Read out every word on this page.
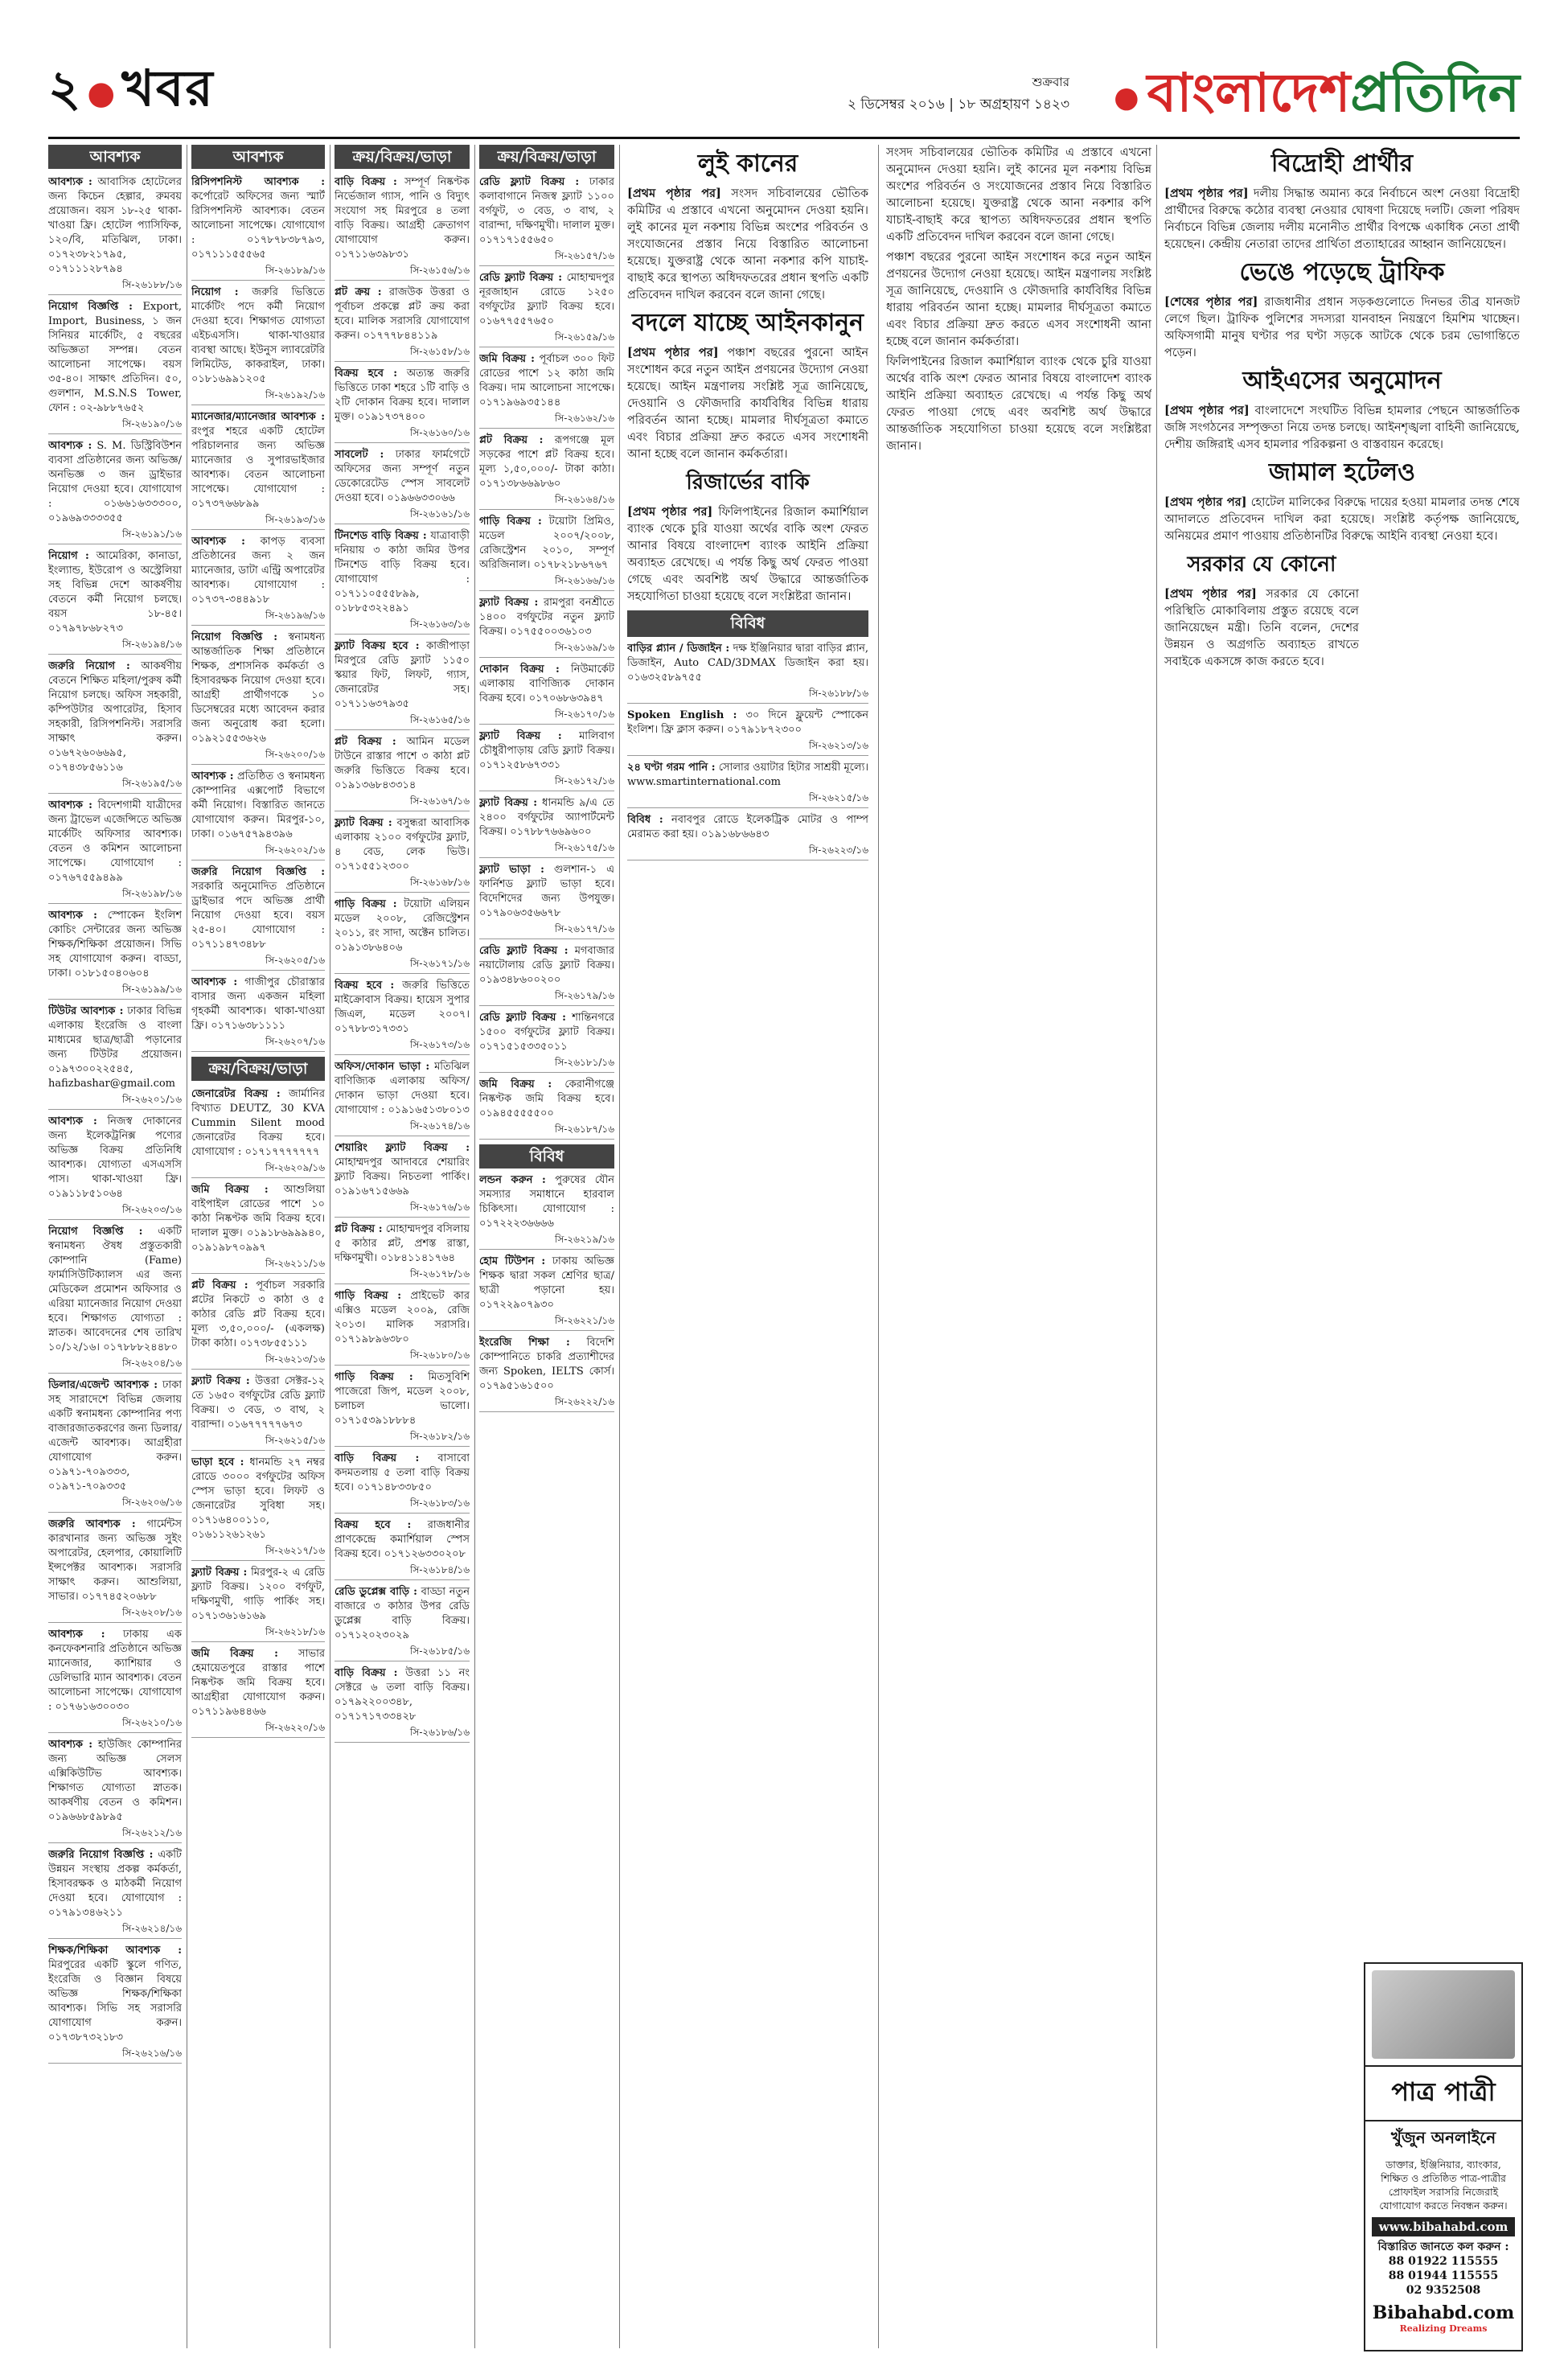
২ ●খবর	শুক্রবার
২ ডিসেম্বর ২০১৬ | ১৮ অগ্রহায়ণ ১৪২৩ ● বাংলাদেশপ্রতিদিন
আবশ্যক
আবশ্যক : আবাসিক হোটেলের জন্য কিচেন হেল্পার, রুমবয় প্রয়োজন। বয়স ১৮-২৫ থাকা-খাওয়া ফ্রি। হোটেল প্যাসিফিক, ১২০/বি, মতিঝিল, ঢাকা। ০১৭২৩৮২১৭৯৫, ০১৭১১১২৮৭৯৪
সি-২৬১৮৮/১৬
নিয়োগ বিজ্ঞপ্তি : Export, Import, Business, ১ জন সিনিয়র মার্কেটিং, ৫ বছরের অভিজ্ঞতা সম্পন্ন। বেতন আলোচনা সাপেক্ষে। বয়স ৩৫-৪০। সাক্ষাৎ প্রতিদিন। ৫০, গুলশান, M.S.N.S Tower, ফোন : ০২-৯৮৮৭৬৫২
সি-২৬১৯০/১৬
আবশ্যক : S. M. ডিস্ট্রিবিউশন ব্যবসা প্রতিষ্ঠানের জন্য অভিজ্ঞ/অনভিজ্ঞ ৩ জন ড্রাইভার নিয়োগ দেওয়া হবে। যোগাযোগ : ০১৬৬১৬৩৩৩০০, ০১৯৬৯৩৩৩৩৫৫
সি-২৬১৯১/১৬
নিয়োগ : আমেরিকা, কানাডা, ইংল্যান্ড, ইউরোপ ও অস্ট্রেলিয়া সহ বিভিন্ন দেশে আকর্ষণীয় বেতনে কর্মী নিয়োগ চলছে। বয়স ১৮-৪৫। ০১৭৯৭৮৬৮২৭৩
সি-২৬১৯৪/১৬
জরুরি নিয়োগ : আকর্ষণীয় বেতনে শিক্ষিত মহিলা/পুরুষ কর্মী নিয়োগ চলছে। অফিস সহকারী, কম্পিউটার অপারেটর, হিসাব সহকারী, রিসিপশনিস্ট। সরাসরি সাক্ষাৎ করুন। ০১৬৭২৬০৬৬৯৫, ০১৭৪৩৮৫৬১১৬
সি-২৬১৯৫/১৬
আবশ্যক : বিদেশগামী যাত্রীদের জন্য ট্রাভেল এজেন্সিতে অভিজ্ঞ মার্কেটিং অফিসার আবশ্যক। বেতন ও কমিশন আলোচনা সাপেক্ষে। যোগাযোগ : ০১৭৬৭৫৫৯৪৯৯
সি-২৬১৯৮/১৬
আবশ্যক : স্পোকেন ইংলিশ কোচিং সেন্টারের জন্য অভিজ্ঞ শিক্ষক/শিক্ষিকা প্রয়োজন। সিভি সহ যোগাযোগ করুন। বাড্ডা, ঢাকা। ০১৮১৫০৪০৬০৪
সি-২৬১৯৯/১৬
টিউটর আবশ্যক : ঢাকার বিভিন্ন এলাকায় ইংরেজি ও বাংলা মাধ্যমের ছাত্র/ছাত্রী পড়ানোর জন্য টিউটর প্রয়োজন। ০১৯৭৩০০২২৫৪৫, hafizbashar@gmail.com
সি-২৬২০১/১৬
আবশ্যক : নিজস্ব দোকানের জন্য ইলেকট্রনিক্স পণ্যের অভিজ্ঞ বিক্রয় প্রতিনিধি আবশ্যক। যোগ্যতা এসএসসি পাস। থাকা-খাওয়া ফ্রি। ০১৯১১৮৫১০৬৪
সি-২৬২০৩/১৬
নিয়োগ বিজ্ঞপ্তি : একটি স্বনামধন্য ঔষধ প্রস্তুতকারী কোম্পানি (Fame) ফার্মাসিউটিক্যালস এর জন্য মেডিকেল প্রমোশন অফিসার ও এরিয়া ম্যানেজার নিয়োগ দেওয়া হবে। শিক্ষাগত যোগ্যতা : স্নাতক। আবেদনের শেষ তারিখ ১০/১২/১৬। ০১৭৮৮৮২৪৪৮০
সি-২৬২০৪/১৬
ডিলার/এজেন্ট আবশ্যক : ঢাকা সহ সারাদেশে বিভিন্ন জেলায় একটি স্বনামধন্য কোম্পানির পণ্য বাজারজাতকরণের জন্য ডিলার/এজেন্ট আবশ্যক। আগ্রহীরা যোগাযোগ করুন। ০১৯৭১-৭০৯৩৩৩, ০১৯৭১-৭০৯৩৩৫
সি-২৬২০৬/১৬
জরুরি আবশ্যক : গার্মেন্টস কারখানার জন্য অভিজ্ঞ সুইং অপারেটর, হেলপার, কোয়ালিটি ইন্সপেক্টর আবশ্যক। সরাসরি সাক্ষাৎ করুন। আশুলিয়া, সাভার। ০১৭৭৪৫২০৬৮৮
সি-২৬২০৮/১৬
আবশ্যক : ঢাকায় এক কনফেকশনারি প্রতিষ্ঠানে অভিজ্ঞ ম্যানেজার, ক্যাশিয়ার ও ডেলিভারি ম্যান আবশ্যক। বেতন আলোচনা সাপেক্ষে। যোগাযোগ : ০১৭৬১৬৩০০৩০
সি-২৬২১০/১৬
আবশ্যক : হাউজিং কোম্পানির জন্য অভিজ্ঞ সেলস এক্সিকিউটিভ আবশ্যক। শিক্ষাগত যোগ্যতা স্নাতক। আকর্ষণীয় বেতন ও কমিশন। ০১৯৬৬৮৫৯৮৯৫
সি-২৬২১২/১৬
জরুরি নিয়োগ বিজ্ঞপ্তি : একটি উন্নয়ন সংস্থায় প্রকল্প কর্মকর্তা, হিসাবরক্ষক ও মাঠকর্মী নিয়োগ দেওয়া হবে। যোগাযোগ : ০১৭৯১৩৪৬২১১
সি-২৬২১৪/১৬
শিক্ষক/শিক্ষিকা আবশ্যক : মিরপুরের একটি স্কুলে গণিত, ইংরেজি ও বিজ্ঞান বিষয়ে অভিজ্ঞ শিক্ষক/শিক্ষিকা আবশ্যক। সিভি সহ সরাসরি যোগাযোগ করুন। ০১৭৩৮৭৩২১৮৩
সি-২৬২১৬/১৬
আবশ্যক
রিসিপশনিস্ট আবশ্যক : কর্পোরেট অফিসের জন্য স্মার্ট রিসিপশনিস্ট আবশ্যক। বেতন আলোচনা সাপেক্ষে। যোগাযোগ : ০১৭৮৭৮৩৮৭৯৩, ০১৭১১১৫৫৫৬৫
সি-২৬১৮৯/১৬
নিয়োগ : জরুরি ভিত্তিতে মার্কেটিং পদে কর্মী নিয়োগ দেওয়া হবে। শিক্ষাগত যোগ্যতা এইচএসসি। থাকা-খাওয়ার ব্যবস্থা আছে। ইউনুস ল্যাবরেটরি লিমিটেড, কাকরাইল, ঢাকা। ০১৮১৬৯৯১২০৫
সি-২৬১৯২/১৬
ম্যানেজার/ম্যানেজার আবশ্যক : রংপুর শহরে একটি হোটেল পরিচালনার জন্য অভিজ্ঞ ম্যানেজার ও সুপারভাইজার আবশ্যক। বেতন আলোচনা সাপেক্ষে। যোগাযোগ : ০১৭৩৭৬৬৮৯৯
সি-২৬১৯৩/১৬
আবশ্যক : কাপড় ব্যবসা প্রতিষ্ঠানের জন্য ২ জন ম্যানেজার, ডাটা এন্ট্রি অপারেটর আবশ্যক। যোগাযোগ : ০১৭৩৭-৩৪৪৯১৮
সি-২৬১৯৬/১৬
নিয়োগ বিজ্ঞপ্তি : স্বনামধন্য আন্তর্জাতিক শিক্ষা প্রতিষ্ঠানে শিক্ষক, প্রশাসনিক কর্মকর্তা ও হিসাবরক্ষক নিয়োগ দেওয়া হবে। আগ্রহী প্রার্থীগণকে ১০ ডিসেম্বরের মধ্যে আবেদন করার জন্য অনুরোধ করা হলো। ০১৯২১৫৫৩৬২৬
সি-২৬২০০/১৬
আবশ্যক : প্রতিষ্ঠিত ও স্বনামধন্য কোম্পানির এক্সপোর্ট বিভাগে কর্মী নিয়োগ। বিস্তারিত জানতে যোগাযোগ করুন। মিরপুর-১০, ঢাকা। ০১৬৭৫৭৯৪৩৯৬
সি-২৬২০২/১৬
জরুরি নিয়োগ বিজ্ঞপ্তি : সরকারি অনুমোদিত প্রতিষ্ঠানে ড্রাইভার পদে অভিজ্ঞ প্রার্থী নিয়োগ দেওয়া হবে। বয়স ২৫-৪০। যোগাযোগ : ০১৭১১৪৭৩৪৮৮
সি-২৬২০৫/১৬
আবশ্যক : গাজীপুর চৌরাস্তার বাসার জন্য একজন মহিলা গৃহকর্মী আবশ্যক। থাকা-খাওয়া ফ্রি। ০১৭১৬৩৮১১১১
সি-২৬২০৭/১৬
ক্রয়/বিক্রয়/ভাড়া
জেনারেটর বিক্রয় : জার্মানির বিখ্যাত DEUTZ, 30 KVA Cummin Silent mood জেনারেটর বিক্রয় হবে। যোগাযোগ : ০১৭১৭৭৭৭৭৭৭
সি-২৬২০৯/১৬
জমি বিক্রয় : আশুলিয়া বাইপাইল রোডের পাশে ১০ কাঠা নিষ্কণ্টক জমি বিক্রয় হবে। দালাল মুক্ত। ০১৯১৮৬৯৯৯৪০, ০১৯১৯৮৭০৯৯৭
সি-২৬২১১/১৬
প্লট বিক্রয় : পূর্বাচল সরকারি প্লটের নিকটে ৩ কাঠা ও ৫ কাঠার রেডি প্লট বিক্রয় হবে। মূল্য ৩,৫০,০০০/- (একলক্ষ) টাকা কাঠা। ০১৭৩৮৫৫১১১
সি-২৬২১৩/১৬
ফ্ল্যাট বিক্রয় : উত্তরা সেক্টর-১২ তে ১৬৫০ বর্গফুটের রেডি ফ্ল্যাট বিক্রয়। ৩ বেড, ৩ বাথ, ২ বারান্দা। ০১৬৭৭৭৭৭৬৭৩
সি-২৬২১৫/১৬
ভাড়া হবে : ধানমন্ডি ২৭ নম্বর রোডে ৩০০০ বর্গফুটের অফিস স্পেস ভাড়া হবে। লিফট ও জেনারেটর সুবিধা সহ। ০১৭১৬৪০০১১০, ০১৬১১২৬১২৬১
সি-২৬২১৭/১৬
ফ্ল্যাট বিক্রয় : মিরপুর-২ এ রেডি ফ্ল্যাট বিক্রয়। ১২০০ বর্গফুট, দক্ষিণমুখী, গাড়ি পার্কিং সহ। ০১৭১৩৬১৬১৬৯
সি-২৬২১৮/১৬
জমি বিক্রয় : সাভার হেমায়েতপুরে রাস্তার পাশে নিষ্কণ্টক জমি বিক্রয় হবে। আগ্রহীরা যোগাযোগ করুন। ০১৭১১৯৬৪৪৬৬
সি-২৬২২০/১৬
ক্রয়/বিক্রয়/ভাড়া
বাড়ি বিক্রয় : সম্পূর্ণ নিষ্কণ্টক নির্ভেজাল গ্যাস, পানি ও বিদ্যুৎ সংযোগ সহ মিরপুরে ৪ তলা বাড়ি বিক্রয়। আগ্রহী ক্রেতাগণ যোগাযোগ করুন। ০১৭১১৬৩৯৮৩১
সি-২৬১৫৬/১৬
প্লট ক্রয় : রাজউক উত্তরা ও পূর্বাচল প্রকল্পে প্লট ক্রয় করা হবে। মালিক সরাসরি যোগাযোগ করুন। ০১৭৭৭৮৪৪১১৯
সি-২৬১৫৮/১৬
বিক্রয় হবে : অত্যন্ত জরুরি ভিত্তিতে ঢাকা শহরে ১টি বাড়ি ও ২টি দোকান বিক্রয় হবে। দালাল মুক্ত। ০১৯১৭৩৭৪০০
সি-২৬১৬০/১৬
সাবলেট : ঢাকার ফার্মগেটে অফিসের জন্য সম্পূর্ণ নতুন ডেকোরেটেড স্পেস সাবলেট দেওয়া হবে। ০১৯৬৬৩৩০৬৬
সি-২৬১৬১/১৬
টিনশেড বাড়ি বিক্রয় : যাত্রাবাড়ী দনিয়ায় ৩ কাঠা জমির উপর টিনশেড বাড়ি বিক্রয় হবে। যোগাযোগ : ০১৭১১০৫৫৫৮৯৯, ০১৮৮৫৩২২৪৯১
সি-২৬১৬৩/১৬
ফ্ল্যাট বিক্রয় হবে : কাজীপাড়া মিরপুরে রেডি ফ্ল্যাট ১১৫০ স্কয়ার ফিট, লিফট, গ্যাস, জেনারেটর সহ। ০১৭১১৬৩৭৯৩৫
সি-২৬১৬৫/১৬
প্লট বিক্রয় : আমিন মডেল টাউনে রাস্তার পাশে ৩ কাঠা প্লট জরুরি ভিত্তিতে বিক্রয় হবে। ০১৯১৩৬৮৪৩৩১৪
সি-২৬১৬৭/১৬
ফ্ল্যাট বিক্রয় : বসুন্ধরা আবাসিক এলাকায় ২১০০ বর্গফুটের ফ্ল্যাট, ৪ বেড, লেক ভিউ। ০১৭১৫৫১২৩০০
সি-২৬১৬৮/১৬
গাড়ি বিক্রয় : টয়োটা এলিয়ন মডেল ২০০৮, রেজিস্ট্রেশন ২০১১, রং সাদা, অক্টেন চালিত। ০১৯১৩৮৬৪০৬
সি-২৬১৭১/১৬
বিক্রয় হবে : জরুরি ভিত্তিতে মাইক্রোবাস বিক্রয়। হায়েস সুপার জিএল, মডেল ২০০৭। ০১৭৮৮৩১৭৩৩১
সি-২৬১৭৩/১৬
অফিস/দোকান ভাড়া : মতিঝিল বাণিজ্যিক এলাকায় অফিস/দোকান ভাড়া দেওয়া হবে। যোগাযোগ : ০১৯১৬৫১৩৮০১৩
সি-২৬১৭৪/১৬
শেয়ারিং ফ্ল্যাট বিক্রয় : মোহাম্মদপুর আদাবরে শেয়ারিং ফ্ল্যাট বিক্রয়। নিচতলা পার্কিং। ০১৯১৬৭১৫৬৬৯
সি-২৬১৭৬/১৬
প্লট বিক্রয় : মোহাম্মদপুর বসিলায় ৫ কাঠার প্লট, প্রশস্ত রাস্তা, দক্ষিণমুখী। ০১৮৪১১৪১৭৬৪
সি-২৬১৭৮/১৬
গাড়ি বিক্রয় : প্রাইভেট কার এক্সিও মডেল ২০০৯, রেজি ২০১৩। মালিক সরাসরি। ০১৭১৯৮৯৬৩৮০
সি-২৬১৮০/১৬
গাড়ি বিক্রয় : মিতসুবিশি পাজেরো জিপ, মডেল ২০০৮, চলাচল ভালো। ০১৭১৫৩৯১৮৮৮৪
সি-২৬১৮২/১৬
বাড়ি বিক্রয় : বাসাবো কদমতলায় ৫ তলা বাড়ি বিক্রয় হবে। ০১৭১৪৮৩৩৮৫০
সি-২৬১৮৩/১৬
বিক্রয় হবে : রাজধানীর প্রাণকেন্দ্রে কমার্শিয়াল স্পেস বিক্রয় হবে। ০১৭১২৬৩৩০২০৮
সি-২৬১৮৪/১৬
রেডি ডুপ্লেক্স বাড়ি : বাড্ডা নতুন বাজারে ৩ কাঠার উপর রেডি ডুপ্লেক্স বাড়ি বিক্রয়। ০১৭১২০২৩০২৯
সি-২৬১৮৫/১৬
বাড়ি বিক্রয় : উত্তরা ১১ নং সেক্টরে ৬ তলা বাড়ি বিক্রয়। ০১৭৯২২০০৩৪৮, ০১৭১৭১৭৩৩৪২৮
সি-২৬১৮৬/১৬
ক্রয়/বিক্রয়/ভাড়া
রেডি ফ্ল্যাট বিক্রয় : ঢাকার কলাবাগানে নিজস্ব ফ্ল্যাট ১১০০ বর্গফুট, ৩ বেড, ৩ বাথ, ২ বারান্দা, দক্ষিণমুখী। দালাল মুক্ত। ০১৭১৭১৫৫৬৫০
সি-২৬১৫৭/১৬
রেডি ফ্ল্যাট বিক্রয় : মোহাম্মদপুর নূরজাহান রোডে ১২৫০ বর্গফুটের ফ্ল্যাট বিক্রয় হবে। ০১৬৭৭৫৫৭৬৫০
সি-২৬১৫৯/১৬
জমি বিক্রয় : পূর্বাচল ৩০০ ফিট রোডের পাশে ১২ কাঠা জমি বিক্রয়। দাম আলোচনা সাপেক্ষে। ০১৭১৯৬৯৩৫১৪৪
সি-২৬১৬২/১৬
প্লট বিক্রয় : রূপগঞ্জে মূল সড়কের পাশে প্লট বিক্রয় হবে। মূল্য ১,৫০,০০০/- টাকা কাঠা। ০১৭১৩৮৬৬৯৮৬০
সি-২৬১৬৪/১৬
গাড়ি বিক্রয় : টয়োটা প্রিমিও, মডেল ২০০৭/২০০৮, রেজিস্ট্রেশন ২০১০, সম্পূর্ণ অরিজিনাল। ০১৭৮২১৮৬৭৬৭
সি-২৬১৬৬/১৬
ফ্ল্যাট বিক্রয় : রামপুরা বনশ্রীতে ১৪০০ বর্গফুটের নতুন ফ্ল্যাট বিক্রয়। ০১৭৫৫০০৩৬১০৩
সি-২৬১৬৯/১৬
দোকান বিক্রয় : নিউমার্কেট এলাকায় বাণিজ্যিক দোকান বিক্রয় হবে। ০১৭০৬৮৬৩৯৪৭
সি-২৬১৭০/১৬
ফ্ল্যাট বিক্রয় : মালিবাগ চৌধুরীপাড়ায় রেডি ফ্ল্যাট বিক্রয়। ০১৭১২৫৮৬৭৩৩১
সি-২৬১৭২/১৬
ফ্ল্যাট বিক্রয় : ধানমন্ডি ৯/এ তে ২৪০০ বর্গফুটের অ্যাপার্টমেন্ট বিক্রয়। ০১৭৮৮৭৬৬৯৬০০
সি-২৬১৭৫/১৬
ফ্ল্যাট ভাড়া : গুলশান-১ এ ফার্নিশড ফ্ল্যাট ভাড়া হবে। বিদেশিদের জন্য উপযুক্ত। ০১৭৯০৬৩৫৬৬৭৮
সি-২৬১৭৭/১৬
রেডি ফ্ল্যাট বিক্রয় : মগবাজার নয়াটোলায় রেডি ফ্ল্যাট বিক্রয়। ০১৯৩৪৮৬০০২০০
সি-২৬১৭৯/১৬
রেডি ফ্ল্যাট বিক্রয় : শান্তিনগরে ১৫০০ বর্গফুটের ফ্ল্যাট বিক্রয়। ০১৭১৫১৫৩৩৫০১১
সি-২৬১৮১/১৬
জমি বিক্রয় : কেরানীগঞ্জে নিষ্কণ্টক জমি বিক্রয় হবে। ০১৯৪৫৫৫৫৫০০
সি-২৬১৮৭/১৬
বিবিধ
লন্ডন করুন : পুরুষের যৌন সমস্যার সমাধানে হারবাল চিকিৎসা। যোগাযোগ : ০১৭২২২৩৬৬৬৬
সি-২৬২১৯/১৬
হোম টিউশন : ঢাকায় অভিজ্ঞ শিক্ষক দ্বারা সকল শ্রেণির ছাত্র/ছাত্রী পড়ানো হয়। ০১৭২২৯০৭৯৩০
সি-২৬২২১/১৬
ইংরেজি শিক্ষা : বিদেশি কোম্পানিতে চাকরি প্রত্যাশীদের জন্য Spoken, IELTS কোর্স। ০১৭৯৫১৬১৫০০
সি-২৬২২২/১৬
লুই কানের

[প্রথম পৃষ্ঠার পর] সংসদ সচিবালয়ের ভৌতিক কমিটির এ প্রস্তাবে এখনো অনুমোদন দেওয়া হয়নি। লুই কানের মূল নকশায় বিভিন্ন অংশের পরিবর্তন ও সংযোজনের প্রস্তাব নিয়ে বিস্তারিত আলোচনা হয়েছে। যুক্তরাষ্ট্র থেকে আনা নকশার কপি যাচাই-বাছাই করে স্থাপত্য অধিদফতরের প্রধান স্থপতি একটি প্রতিবেদন দাখিল করবেন বলে জানা গেছে।

বদলে যাচ্ছে আইনকানুন

[প্রথম পৃষ্ঠার পর] পঞ্চাশ বছরের পুরনো আইন সংশোধন করে নতুন আইন প্রণয়নের উদ্যোগ নেওয়া হয়েছে। আইন মন্ত্রণালয় সংশ্লিষ্ট সূত্র জানিয়েছে, দেওয়ানি ও ফৌজদারি কার্যবিধির বিভিন্ন ধারায় পরিবর্তন আনা হচ্ছে। মামলার দীর্ঘসূত্রতা কমাতে এবং বিচার প্রক্রিয়া দ্রুত করতে এসব সংশোধনী আনা হচ্ছে বলে জানান কর্মকর্তারা।

রিজার্ভের বাকি

[প্রথম পৃষ্ঠার পর] ফিলিপাইনের রিজাল কমার্শিয়াল ব্যাংক থেকে চুরি যাওয়া অর্থের বাকি অংশ ফেরত আনার বিষয়ে বাংলাদেশ ব্যাংক আইনি প্রক্রিয়া অব্যাহত রেখেছে। এ পর্যন্ত কিছু অর্থ ফেরত পাওয়া গেছে এবং অবশিষ্ট অর্থ উদ্ধারে আন্তর্জাতিক সহযোগিতা চাওয়া হয়েছে বলে সংশ্লিষ্টরা জানান।

বিবিধ
বাড়ির প্ল্যান / ডিজাইন : দক্ষ ইঞ্জিনিয়ার দ্বারা বাড়ির প্ল্যান, ডিজাইন, Auto CAD/3DMAX ডিজাইন করা হয়। ০১৬৩২৫৮৯৭৫৫
সি-২৬১৮৮/১৬
Spoken English : ৩০ দিনে ফ্লুয়েন্ট স্পোকেন ইংলিশ। ফ্রি ক্লাস করুন। ০১৭৯১৮৭২৩০০
সি-২৬২১৩/১৬
২৪ ঘণ্টা গরম পানি : সোলার ওয়াটার হিটার সাশ্রয়ী মূল্যে। www.smartinternational.com
সি-২৬২১৫/১৬
বিবিধ : নবাবপুর রোডে ইলেকট্রিক মোটর ও পাম্প মেরামত করা হয়। ০১৯১৬৮৬৬৪৩
সি-২৬২২৩/১৬

সংসদ সচিবালয়ের ভৌতিক কমিটির এ প্রস্তাবে এখনো অনুমোদন দেওয়া হয়নি। লুই কানের মূল নকশায় বিভিন্ন অংশের পরিবর্তন ও সংযোজনের প্রস্তাব নিয়ে বিস্তারিত আলোচনা হয়েছে। যুক্তরাষ্ট্র থেকে আনা নকশার কপি যাচাই-বাছাই করে স্থাপত্য অধিদফতরের প্রধান স্থপতি একটি প্রতিবেদন দাখিল করবেন বলে জানা গেছে।

পঞ্চাশ বছরের পুরনো আইন সংশোধন করে নতুন আইন প্রণয়নের উদ্যোগ নেওয়া হয়েছে। আইন মন্ত্রণালয় সংশ্লিষ্ট সূত্র জানিয়েছে, দেওয়ানি ও ফৌজদারি কার্যবিধির বিভিন্ন ধারায় পরিবর্তন আনা হচ্ছে। মামলার দীর্ঘসূত্রতা কমাতে এবং বিচার প্রক্রিয়া দ্রুত করতে এসব সংশোধনী আনা হচ্ছে বলে জানান কর্মকর্তারা।

ফিলিপাইনের রিজাল কমার্শিয়াল ব্যাংক থেকে চুরি যাওয়া অর্থের বাকি অংশ ফেরত আনার বিষয়ে বাংলাদেশ ব্যাংক আইনি প্রক্রিয়া অব্যাহত রেখেছে। এ পর্যন্ত কিছু অর্থ ফেরত পাওয়া গেছে এবং অবশিষ্ট অর্থ উদ্ধারে আন্তর্জাতিক সহযোগিতা চাওয়া হয়েছে বলে সংশ্লিষ্টরা জানান।

বিদ্রোহী প্রার্থীর

[প্রথম পৃষ্ঠার পর] দলীয় সিদ্ধান্ত অমান্য করে নির্বাচনে অংশ নেওয়া বিদ্রোহী প্রার্থীদের বিরুদ্ধে কঠোর ব্যবস্থা নেওয়ার ঘোষণা দিয়েছে দলটি। জেলা পরিষদ নির্বাচনে বিভিন্ন জেলায় দলীয় মনোনীত প্রার্থীর বিপক্ষে একাধিক নেতা প্রার্থী হয়েছেন। কেন্দ্রীয় নেতারা তাদের প্রার্থিতা প্রত্যাহারের আহ্বান জানিয়েছেন।

ভেঙে পড়েছে ট্রাফিক

[শেষের পৃষ্ঠার পর] রাজধানীর প্রধান সড়কগুলোতে দিনভর তীব্র যানজট লেগে ছিল। ট্রাফিক পুলিশের সদস্যরা যানবাহন নিয়ন্ত্রণে হিমশিম খাচ্ছেন। অফিসগামী মানুষ ঘণ্টার পর ঘণ্টা সড়কে আটকে থেকে চরম ভোগান্তিতে পড়েন।

আইএসের অনুমোদন

[প্রথম পৃষ্ঠার পর] বাংলাদেশে সংঘটিত বিভিন্ন হামলার পেছনে আন্তর্জাতিক জঙ্গি সংগঠনের সম্পৃক্ততা নিয়ে তদন্ত চলছে। আইনশৃঙ্খলা বাহিনী জানিয়েছে, দেশীয় জঙ্গিরাই এসব হামলার পরিকল্পনা ও বাস্তবায়ন করেছে।

জামাল হটেলও

[প্রথম পৃষ্ঠার পর] হোটেল মালিকের বিরুদ্ধে দায়ের হওয়া মামলার তদন্ত শেষে আদালতে প্রতিবেদন দাখিল করা হয়েছে। সংশ্লিষ্ট কর্তৃপক্ষ জানিয়েছে, অনিয়মের প্রমাণ পাওয়ায় প্রতিষ্ঠানটির বিরুদ্ধে আইনি ব্যবস্থা নেওয়া হবে।

সরকার যে কোনো

[প্রথম পৃষ্ঠার পর] সরকার যে কোনো পরিস্থিতি মোকাবিলায় প্রস্তুত রয়েছে বলে জানিয়েছেন মন্ত্রী। তিনি বলেন, দেশের উন্নয়ন ও অগ্রগতি অব্যাহত রাখতে সবাইকে একসঙ্গে কাজ করতে হবে।

পাত্র পাত্রী
খুঁজুন অনলাইনে
ডাক্তার, ইঞ্জিনিয়ার, ব্যাংকার, শিক্ষিত ও প্রতিষ্ঠিত পাত্র-পাত্রীর প্রোফাইল সরাসরি নিজেরাই যোগাযোগ করতে নিবন্ধন করুন।
www.bibahabd.com
বিস্তারিত জানতে কল করুন :
88 01922 115555
88 01944 115555
02 9352508
Bibahabd.com
Realizing Dreams
